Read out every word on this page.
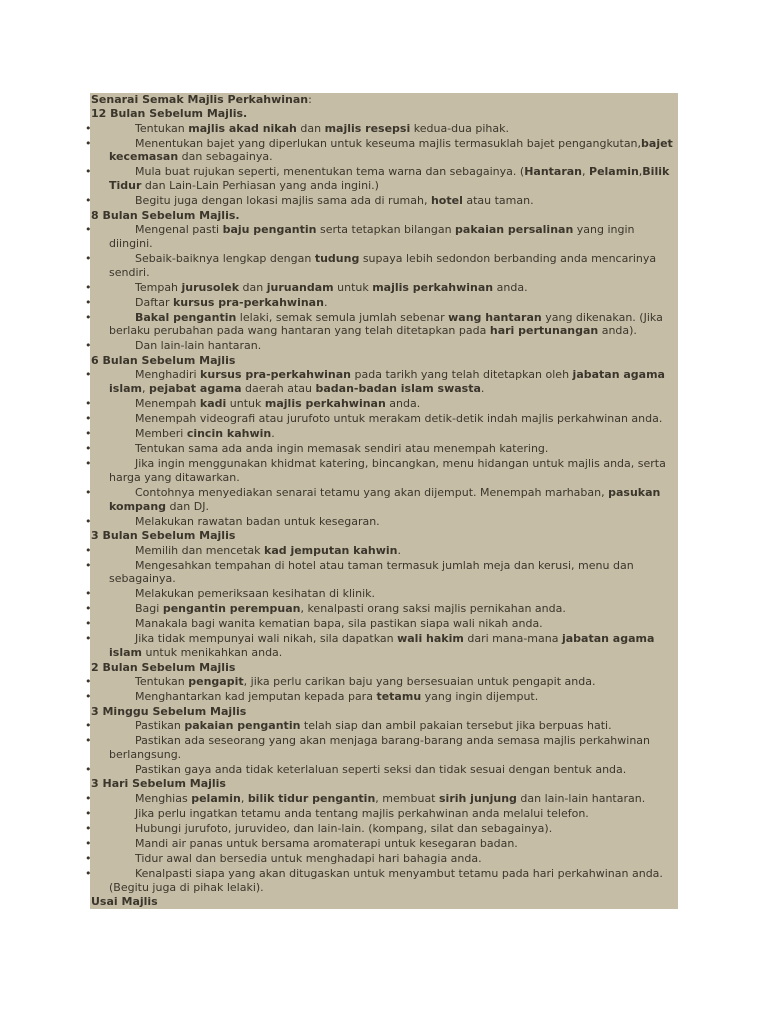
Senarai Semak Majlis Perkahwinan:
12 Bulan Sebelum Majlis.
•	Tentukan majlis akad nikah dan majlis resepsi kedua-dua pihak.
•	Menentukan bajet yang diperlukan untuk keseuma majlis termasuklah bajet pengangkutan,bajet kecemasan dan sebagainya.
•	Mula buat rujukan seperti, menentukan tema warna dan sebagainya. (Hantaran, Pelamin,Bilik Tidur dan Lain-Lain Perhiasan yang anda ingini.)
•	Begitu juga dengan lokasi majlis sama ada di rumah, hotel atau taman.
8 Bulan Sebelum Majlis.
•	Mengenal pasti baju pengantin serta tetapkan bilangan pakaian persalinan yang ingin diingini.
•	Sebaik-baiknya lengkap dengan tudung supaya lebih sedondon berbanding anda mencarinya sendiri.
•	Tempah jurusolek dan juruandam untuk majlis perkahwinan anda.
•	Daftar kursus pra-perkahwinan.
•	Bakal pengantin lelaki, semak semula jumlah sebenar wang hantaran yang dikenakan. (Jika berlaku perubahan pada wang hantaran yang telah ditetapkan pada hari pertunangan anda).
•	Dan lain-lain hantaran.
6 Bulan Sebelum Majlis
•	Menghadiri kursus pra-perkahwinan pada tarikh yang telah ditetapkan oleh jabatan agama islam, pejabat agama daerah atau badan-badan islam swasta.
•	Menempah kadi untuk majlis perkahwinan anda.
•	Menempah videografi atau jurufoto untuk merakam detik-detik indah majlis perkahwinan anda.
•	Memberi cincin kahwin.
•	Tentukan sama ada anda ingin memasak sendiri atau menempah katering.
•	Jika ingin menggunakan khidmat katering, bincangkan, menu hidangan untuk majlis anda, serta harga yang ditawarkan.
•	Contohnya menyediakan senarai tetamu yang akan dijemput. Menempah marhaban, pasukan kompang dan DJ.
•	Melakukan rawatan badan untuk kesegaran.
3 Bulan Sebelum Majlis
•	Memilih dan mencetak kad jemputan kahwin.
•	Mengesahkan tempahan di hotel atau taman termasuk jumlah meja dan kerusi, menu dan sebagainya.
•	Melakukan pemeriksaan kesihatan di klinik.
•	Bagi pengantin perempuan, kenalpasti orang saksi majlis pernikahan anda.
•	Manakala bagi wanita kematian bapa, sila pastikan siapa wali nikah anda.
•	Jika tidak mempunyai wali nikah, sila dapatkan wali hakim dari mana-mana jabatan agama islam untuk menikahkan anda.
2 Bulan Sebelum Majlis
•	Tentukan pengapit, jika perlu carikan baju yang bersesuaian untuk pengapit anda.
•	Menghantarkan kad jemputan kepada para tetamu yang ingin dijemput.
3 Minggu Sebelum Majlis
•	Pastikan pakaian pengantin telah siap dan ambil pakaian tersebut jika berpuas hati.
•	Pastikan ada seseorang yang akan menjaga barang-barang anda semasa majlis perkahwinan berlangsung.
•	Pastikan gaya anda tidak keterlaluan seperti seksi dan tidak sesuai dengan bentuk anda.
3 Hari Sebelum Majlis
•	Menghias pelamin, bilik tidur pengantin, membuat sirih junjung dan lain-lain hantaran.
•	Jika perlu ingatkan tetamu anda tentang majlis perkahwinan anda melalui telefon.
•	Hubungi jurufoto, juruvideo, dan lain-lain. (kompang, silat dan sebagainya).
•	Mandi air panas untuk bersama aromaterapi untuk kesegaran badan.
•	Tidur awal dan bersedia untuk menghadapi hari bahagia anda.
•	Kenalpasti siapa yang akan ditugaskan untuk menyambut tetamu pada hari perkahwinan anda. (Begitu juga di pihak lelaki).
Usai Majlis
